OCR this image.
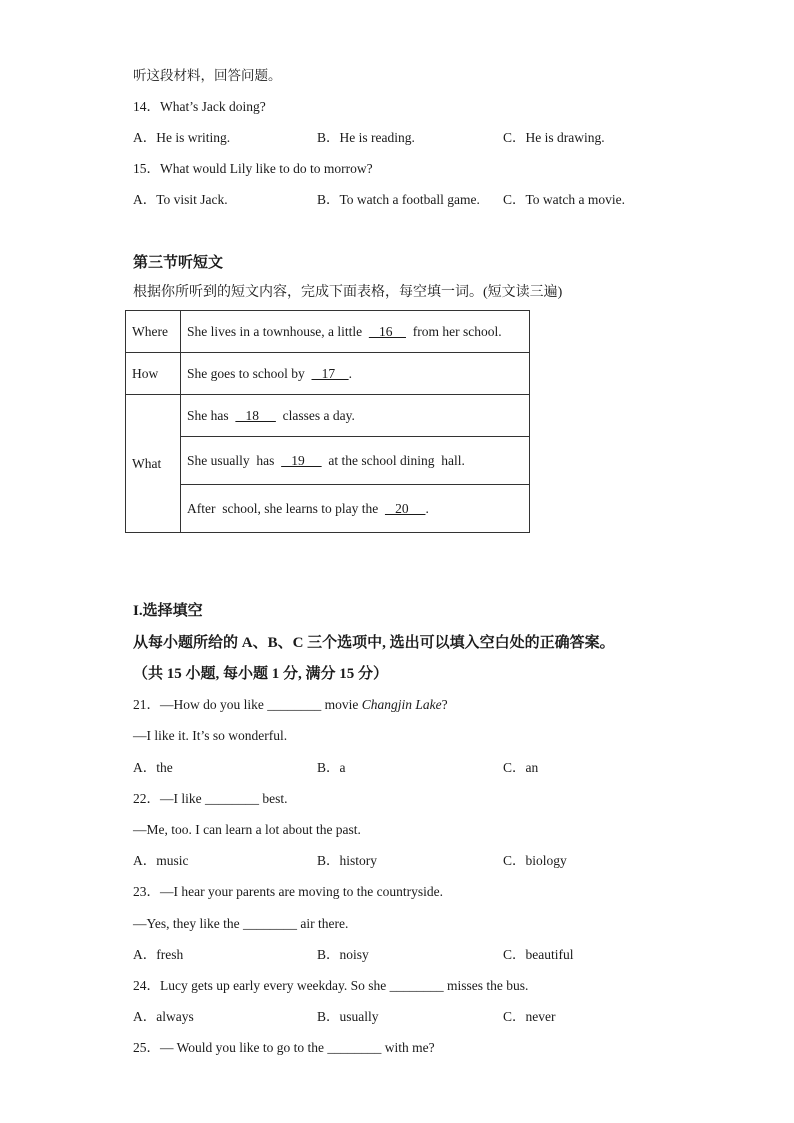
听这段材料，回答问题。
14．What’s Jack doing?
A．He is writing.	B．He is reading.	C．He is drawing.
15．What would Lily like to do to morrow?
A．To visit Jack.	B．To watch a football game. C．To watch a movie.
第三节听短文
根据你所听到的短文内容，完成下面表格，每空填一词。(短文读三遍)
Where	She lives in a townhouse, a little     16      from her school.
How	She goes to school by     17    .
What	She has     18       classes a day.
	She usually  has     19       at the school dining  hall.
	After  school, she learns to play the     20     .
I.选择填空
从每小题所给的 A、B、C 三个选项中, 选出可以填入空白处的正确答案。
（共 15 小题, 每小题 1 分, 满分 15 分）
21．—How do you like ________ movie Changjin Lake?
—I like it. It’s so wonderful.
A．the	B．a	C．an
22．—I like ________ best.
—Me, too. I can learn a lot about the past.
A．music	B．history	C．biology
23．—I hear your parents are moving to the countryside.
—Yes, they like the ________ air there.
A．fresh	B．noisy	C．beautiful
24．Lucy gets up early every weekday. So she ________ misses the bus.
A．always	B．usually	C．never
25．— Would you like to go to the ________ with me?
